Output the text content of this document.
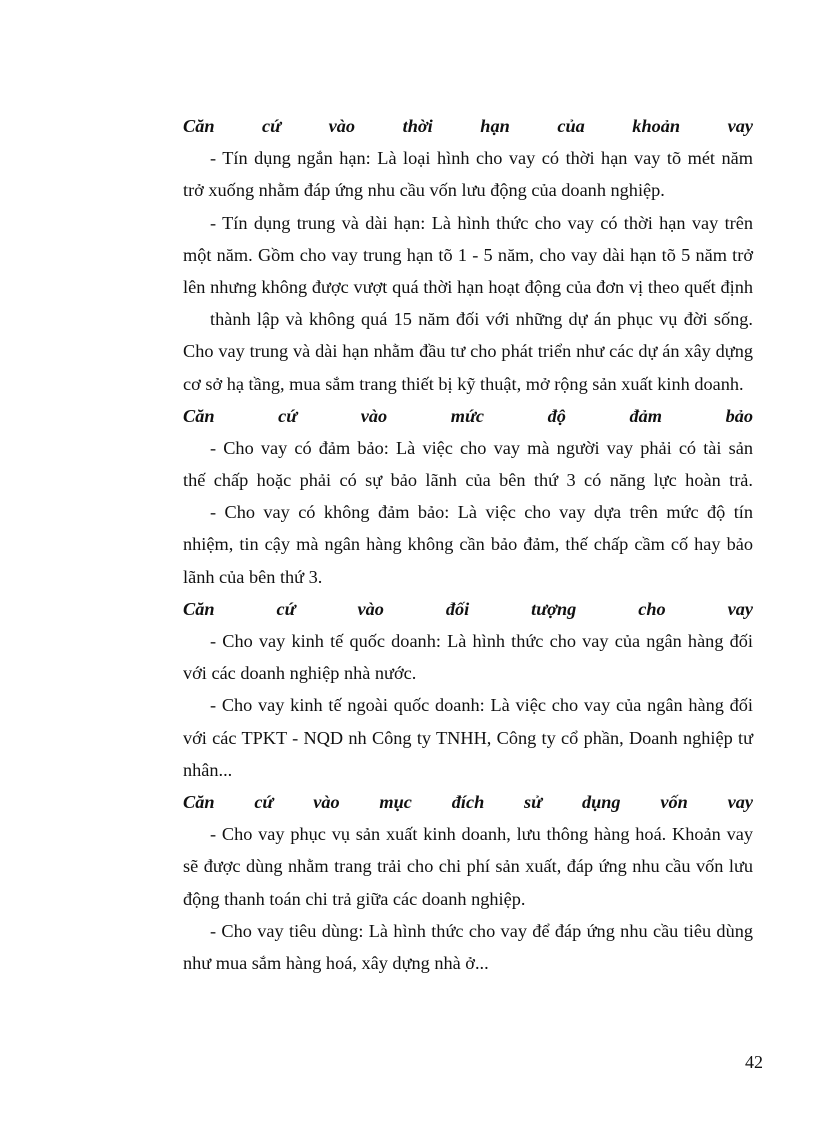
Căn cứ vào thời hạn của khoản vay
- Tín dụng ngắn hạn: Là loại hình cho vay có thời hạn vay tõ mét năm
trở xuống nhằm đáp ứng nhu cầu vốn lưu động của doanh nghiệp.
- Tín dụng trung và dài hạn: Là hình thức cho vay có thời hạn vay trên
một năm. Gồm cho vay trung hạn tõ 1 - 5 năm, cho vay dài hạn tõ 5 năm trở
lên nhưng không được vượt quá thời hạn hoạt động của đơn vị theo quết định
thành lập và không quá 15 năm đối với những dự án phục vụ đời sống.
Cho vay trung và dài hạn nhằm đầu tư cho phát triển như các dự án xây dựng
cơ sở hạ tầng, mua sắm trang thiết bị kỹ thuật, mở rộng sản xuất kinh doanh.
Căn cứ vào mức độ đảm bảo
- Cho vay có đảm bảo: Là việc cho vay mà người vay phải có tài sản
thế chấp hoặc phải có sự bảo lãnh của bên thứ 3 có năng lực hoàn trả.
- Cho vay có không đảm bảo: Là việc cho vay dựa trên mức độ tín
nhiệm, tin cậy mà ngân hàng không cần bảo đảm, thế chấp cầm cố hay bảo
lãnh của bên thứ 3.
Căn cứ vào đối tượng cho vay
- Cho vay kinh tế quốc doanh: Là hình thức cho vay của ngân hàng đối
với các doanh nghiệp nhà nước.
- Cho vay kinh tế ngoài quốc doanh: Là việc cho vay của ngân hàng đối
với các TPKT - NQD nh Công ty TNHH, Công ty cổ phần, Doanh nghiệp tư
nhân...
Căn cứ vào mục đích sử dụng vốn vay
- Cho vay phục vụ sản xuất kinh doanh, lưu thông hàng hoá. Khoản vay
sẽ được dùng nhằm trang trải cho chi phí sản xuất, đáp ứng nhu cầu vốn lưu
động thanh toán chi trả giữa các doanh nghiệp.
- Cho vay tiêu dùng: Là hình thức cho vay để đáp ứng nhu cầu tiêu dùng
như mua sắm hàng hoá, xây dựng nhà ở...
42
